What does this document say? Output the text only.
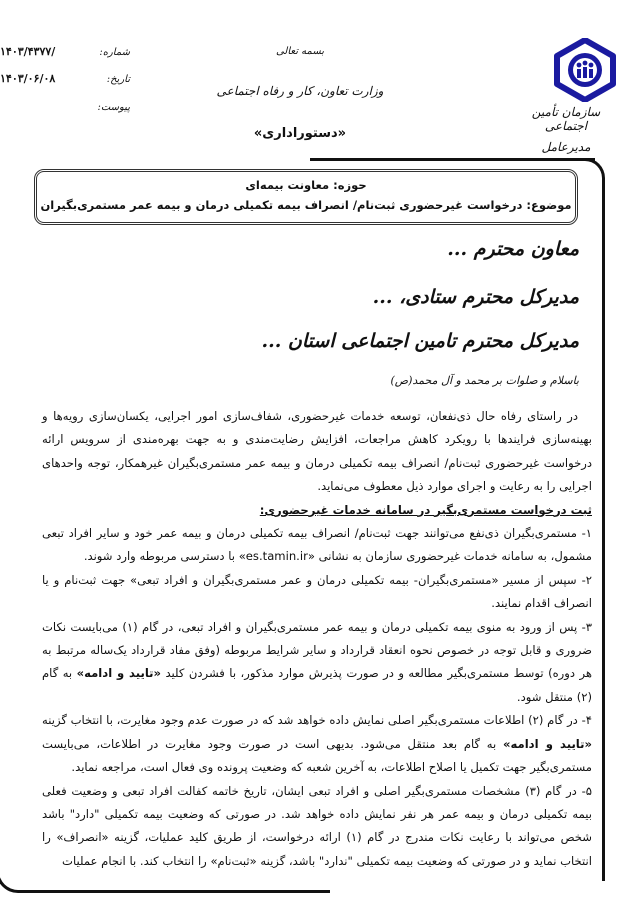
سازمان تأمین اجتماعی
مدیرعامل
بسمه تعالی
وزارت تعاون، کار و رفاه اجتماعی
«دستوراداری»
شماره:
۱۴۰۳/۴۳۷۷/
تاریخ:
۱۴۰۳/۰۶/۰۸
پیوست:
حوزه: معاونت بیمه‌ای
موضوع: درخواست غیرحضوری ثبت‌نام/ انصراف بیمه تکمیلی درمان و بیمه عمر مستمری‌بگیران
معاون محترم ...
مدیرکل محترم ستادی، ...
مدیرکل محترم تامین اجتماعی استان ...
باسلام و صلوات بر محمد و آل محمد(ص)

در راستای رفاه حال ذی‌نفعان، توسعه خدمات غیرحضوری، شفاف‌سازی امور اجرایی، یکسان‌سازی رویه‌ها و بهینه‌سازی فرایندها با رویکرد کاهش مراجعات، افزایش رضایت‌مندی و به جهت بهره‌مندی از سرویس ارائه درخواست غیرحضوری ثبت‌نام/ انصراف بیمه تکمیلی درمان و بیمه عمر مستمری‌بگیران غیرهمکار، توجه واحدهای اجرایی را به رعایت و اجرای موارد ذیل معطوف می‌نماید.

ثبت درخواست مستمری‌بگیر در سامانه خدمات غیرحضوری:

۱- مستمری‌بگیران ذی‌نفع می‌توانند جهت ثبت‌نام/ انصراف بیمه تکمیلی درمان و بیمه عمر خود و سایر افراد تبعی مشمول، به سامانه خدمات غیرحضوری سازمان به نشانی «es.tamin.ir» با دسترسی مربوطه وارد شوند.

۲- سپس از مسیر «مستمری‌بگیران- بیمه تکمیلی درمان و عمر مستمری‌بگیران و افراد تبعی» جهت ثبت‌نام و یا انصراف اقدام نمایند.

۳- پس از ورود به منوی بیمه تکمیلی درمان و بیمه عمر مستمری‌بگیران و افراد تبعی، در گام (۱) می‌بایست نکات ضروری و قابل توجه در خصوص نحوه انعقاد قرارداد و سایر شرایط مربوطه (وفق مفاد قرارداد یک‌ساله مرتبط به هر دوره) توسط مستمری‌بگیر مطالعه و در صورت پذیرش موارد مذکور، با فشردن کلید «تایید و ادامه» به گام (۲) منتقل شود.

۴- در گام (۲) اطلاعات مستمری‌بگیر اصلی نمایش داده خواهد شد که در صورت عدم وجود مغایرت، با انتخاب گزینه «تایید و ادامه» به گام بعد منتقل می‌شود. بدیهی است در صورت وجود مغایرت در اطلاعات، می‌بایست مستمری‌بگیر جهت تکمیل یا اصلاح اطلاعات، به آخرین شعبه که وضعیت پرونده وی فعال است، مراجعه نماید.

۵- در گام (۳) مشخصات مستمری‌بگیر اصلی و افراد تبعی ایشان، تاریخ خاتمه کفالت افراد تبعی و وضعیت فعلی بیمه تکمیلی درمان و بیمه عمر هر نفر نمایش داده خواهد شد. در صورتی که وضعیت بیمه تکمیلی "دارد" باشد شخص می‌تواند با رعایت نکات مندرج در گام (۱) ارائه درخواست، از طریق کلید عملیات، گزینه «انصراف» را انتخاب نماید و در صورتی که وضعیت بیمه تکمیلی "ندارد" باشد، گزینه «ثبت‌نام» را انتخاب کند. با انجام عملیات
